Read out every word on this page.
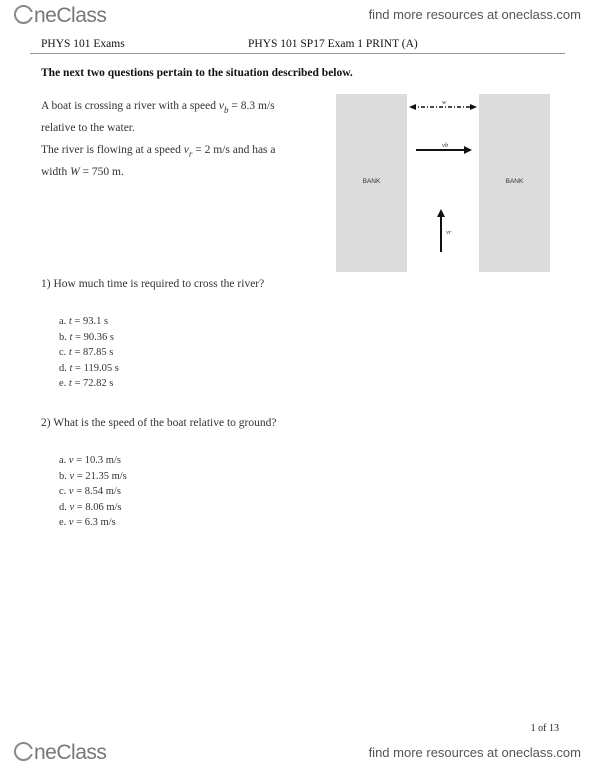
neClass	find more resources at oneclass.com
PHYS 101 Exams	PHYS 101 SP17 Exam 1 PRINT (A)
The next two questions pertain to the situation described below.
A boat is crossing a river with a speed $v_b = 8.3$ m/s
relative to the water.
The river is flowing at a speed $v_r = 2$ m/s and has a
width W = 750 m.
BANK	BANK
w
vb
vr
1) How much time is required to cross the river?
a. t = 93.1 s
b. t = 90.36 s
c. t = 87.85 s
d. t = 119.05 s
e. t = 72.82 s
2) What is the speed of the boat relative to ground?
a. v = 10.3 m/s
b. v = 21.35 m/s
c. v = 8.54 m/s
d. v = 8.06 m/s
e. v = 6.3 m/s
1 of 13
neClass	find more resources at oneclass.com
